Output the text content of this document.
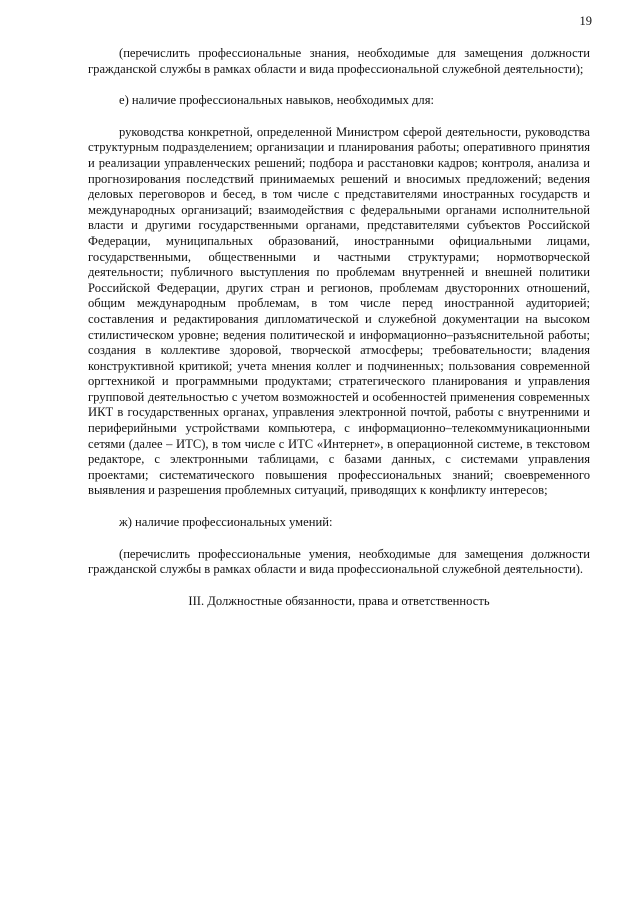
19

(перечислить профессиональные знания, необходимые для замещения должности гражданской службы в рамках области и вида профессиональной служебной деятельности);

е) наличие профессиональных навыков, необходимых для:

руководства конкретной, определенной Министром сферой деятельности, руководства структурным подразделением; организации и планирования работы; оперативного принятия и реализации управленческих решений; подбора и расстановки кадров; контроля, анализа и прогнозирования последствий принимаемых решений и вносимых предложений; ведения деловых переговоров и бесед, в том числе с представителями иностранных государств и международных организаций; взаимодействия с федеральными органами исполнительной власти и другими государственными органами, представителями субъектов Российской Федерации, муниципальных образований, иностранными официальными лицами, государственными, общественными и частными структурами; нормотворческой деятельности; публичного выступления по проблемам внутренней и внешней политики Российской Федерации, других стран и регионов, проблемам двусторонних отношений, общим международным проблемам, в том числе перед иностранной аудиторией; составления и редактирования дипломатической и служебной документации на высоком стилистическом уровне; ведения политической и информационно–разъяснительной работы; создания в коллективе здоровой, творческой атмосферы; требовательности; владения конструктивной критикой; учета мнения коллег и подчиненных; пользования современной оргтехникой и программными продуктами; стратегического планирования и управления групповой деятельностью с учетом возможностей и особенностей применения современных ИКТ в государственных органах, управления электронной почтой, работы с внутренними и периферийными устройствами компьютера, с информационно–телекоммуникационными сетями (далее – ИТС), в том числе с ИТС «Интернет», в операционной системе, в текстовом редакторе, с электронными таблицами, с базами данных, с системами управления проектами; систематического повышения профессиональных знаний; своевременного выявления и разрешения проблемных ситуаций, приводящих к конфликту интересов;

ж) наличие профессиональных умений:

(перечислить профессиональные умения, необходимые для замещения должности гражданской службы в рамках области и вида профессиональной служебной деятельности).

III. Должностные обязанности, права и ответственность
